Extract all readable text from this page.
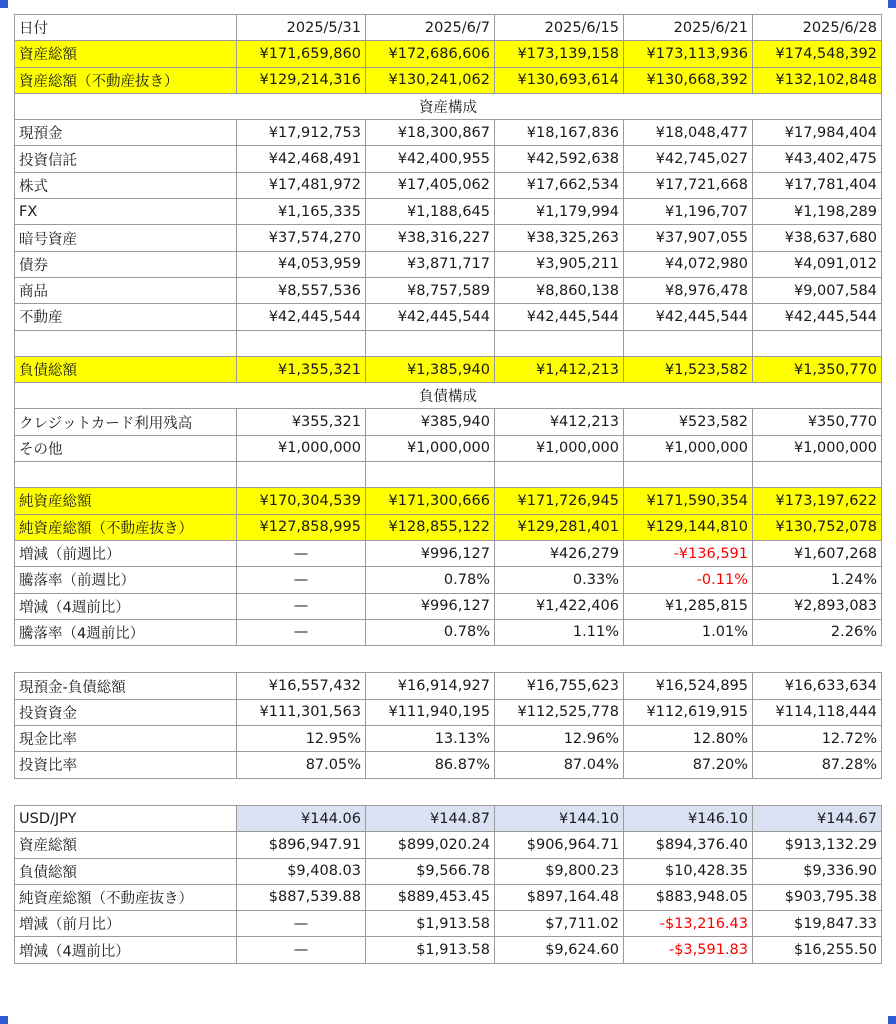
日付	2025/5/31	2025/6/7	2025/6/15	2025/6/21	2025/6/28
資産総額	¥171,659,860	¥172,686,606	¥173,139,158	¥173,113,936	¥174,548,392
資産総額（不動産抜き）	¥129,214,316	¥130,241,062	¥130,693,614	¥130,668,392	¥132,102,848
資産構成					
現預金	¥17,912,753	¥18,300,867	¥18,167,836	¥18,048,477	¥17,984,404
投資信託	¥42,468,491	¥42,400,955	¥42,592,638	¥42,745,027	¥43,402,475
株式	¥17,481,972	¥17,405,062	¥17,662,534	¥17,721,668	¥17,781,404
FX	¥1,165,335	¥1,188,645	¥1,179,994	¥1,196,707	¥1,198,289
暗号資産	¥37,574,270	¥38,316,227	¥38,325,263	¥37,907,055	¥38,637,680
債券	¥4,053,959	¥3,871,717	¥3,905,211	¥4,072,980	¥4,091,012
商品	¥8,557,536	¥8,757,589	¥8,860,138	¥8,976,478	¥9,007,584
不動産	¥42,445,544	¥42,445,544	¥42,445,544	¥42,445,544	¥42,445,544

負債総額	¥1,355,321	¥1,385,940	¥1,412,213	¥1,523,582	¥1,350,770
負債構成					
クレジットカード利用残高	¥355,321	¥385,940	¥412,213	¥523,582	¥350,770
その他	¥1,000,000	¥1,000,000	¥1,000,000	¥1,000,000	¥1,000,000

純資産総額	¥170,304,539	¥171,300,666	¥171,726,945	¥171,590,354	¥173,197,622
純資産総額（不動産抜き）	¥127,858,995	¥128,855,122	¥129,281,401	¥129,144,810	¥130,752,078
増減（前週比）	—	¥996,127	¥426,279	-¥136,591	¥1,607,268
騰落率（前週比）	—	0.78%	0.33%	-0.11%	1.24%
増減（4週前比）	—	¥996,127	¥1,422,406	¥1,285,815	¥2,893,083
騰落率（4週前比）	—	0.78%	1.11%	1.01%	2.26%
現預金-負債総額	¥16,557,432	¥16,914,927	¥16,755,623	¥16,524,895	¥16,633,634
投資資金	¥111,301,563	¥111,940,195	¥112,525,778	¥112,619,915	¥114,118,444
現金比率	12.95%	13.13%	12.96%	12.80%	12.72%
投資比率	87.05%	86.87%	87.04%	87.20%	87.28%
USD/JPY	¥144.06	¥144.87	¥144.10	¥146.10	¥144.67
資産総額	$896,947.91	$899,020.24	$906,964.71	$894,376.40	$913,132.29
負債総額	$9,408.03	$9,566.78	$9,800.23	$10,428.35	$9,336.90
純資産総額（不動産抜き）	$887,539.88	$889,453.45	$897,164.48	$883,948.05	$903,795.38
増減（前月比）	—	$1,913.58	$7,711.02	-$13,216.43	$19,847.33
増減（4週前比）	—	$1,913.58	$9,624.60	-$3,591.83	$16,255.50
